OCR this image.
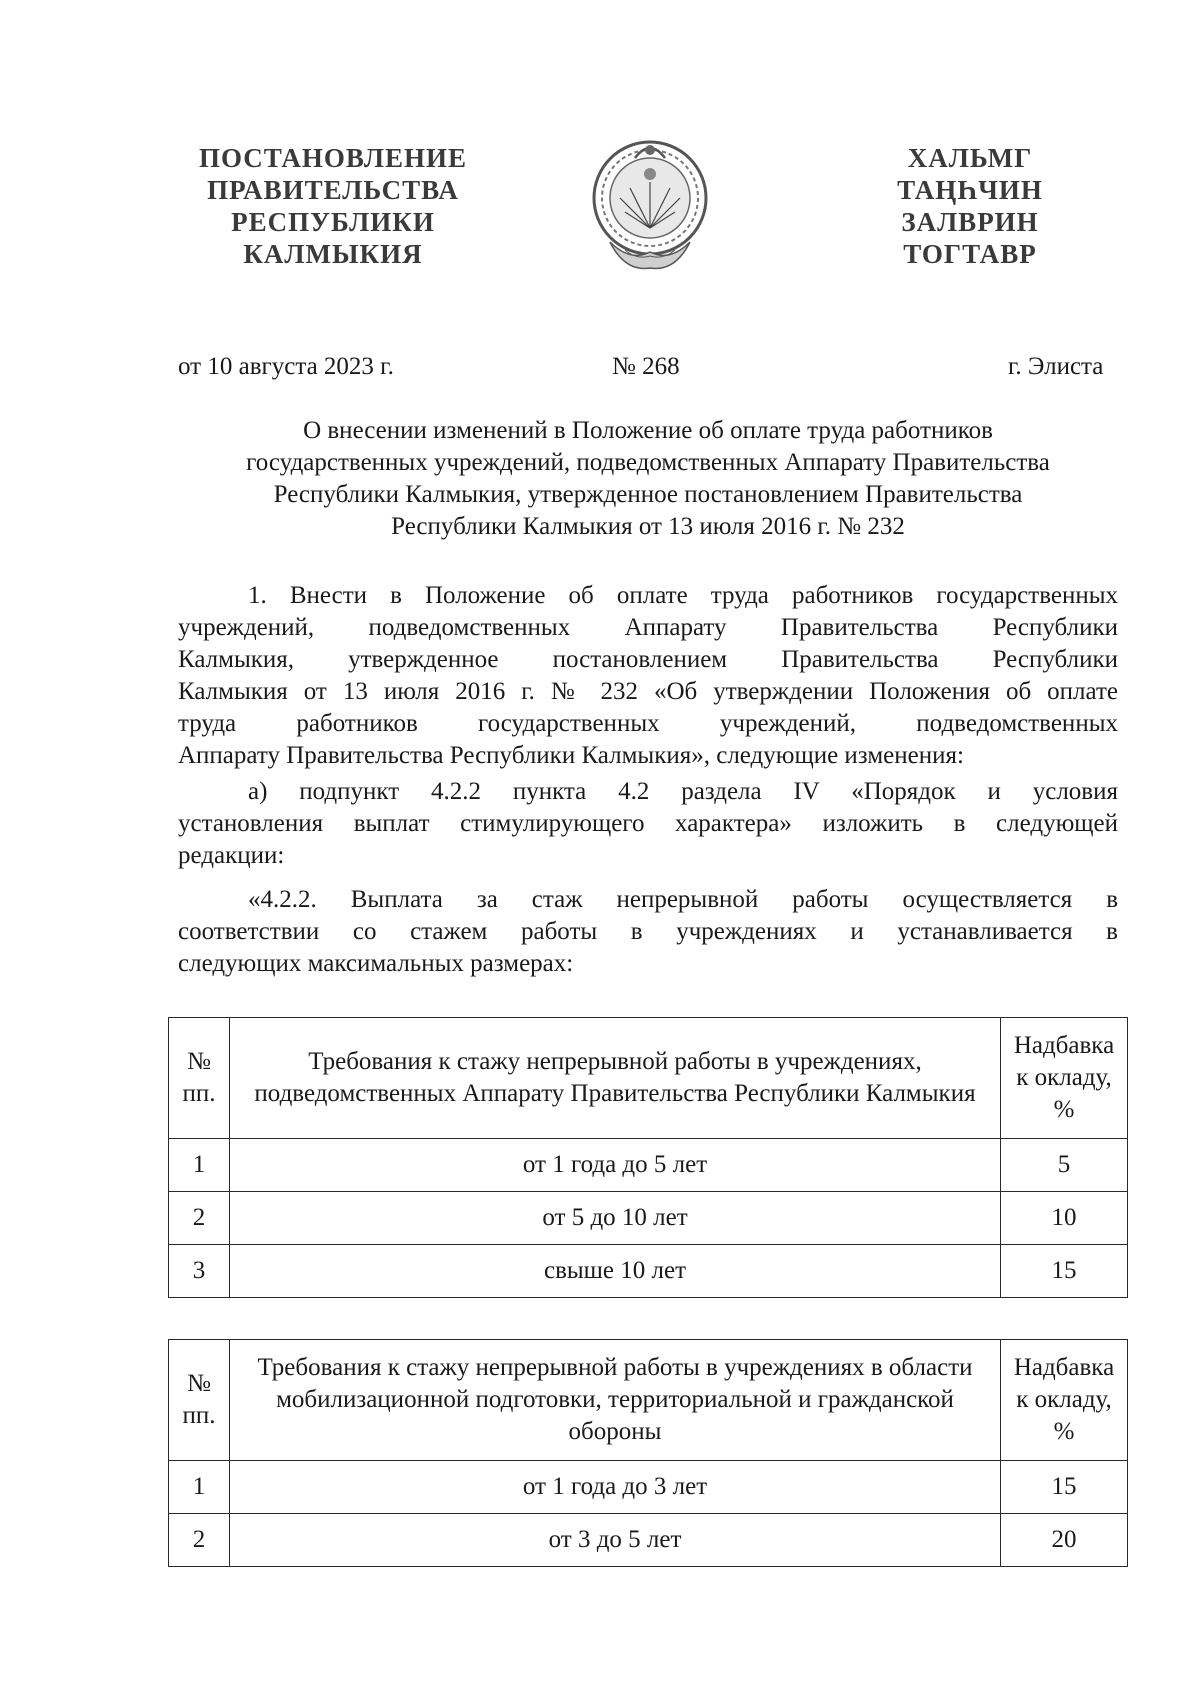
ПОСТАНОВЛЕНИЕ
ПРАВИТЕЛЬСТВА
РЕСПУБЛИКИ
КАЛМЫКИЯ
ХАЛЬМГ
ТАҢҺЧИН
ЗАЛВРИН
ТОГТАВР
от 10 августа 2023 г.	№ 268	г. Элиста
О внесении изменений в Положение об оплате труда работников
государственных учреждений, подведомственных Аппарату Правительства
Республики Калмыкия, утвержденное постановлением Правительства
Республики Калмыкия от 13 июля 2016 г. № 232
1. Внести в Положение об оплате труда работников государственных
учреждений, подведомственных Аппарату Правительства Республики
Калмыкия, утвержденное постановлением Правительства Республики
Калмыкия от 13 июля 2016 г. № 232 «Об утверждении Положения об оплате
труда работников государственных учреждений, подведомственных
Аппарату Правительства Республики Калмыкия», следующие изменения:
а) подпункт 4.2.2 пункта 4.2 раздела IV «Порядок и условия
установления выплат стимулирующего характера» изложить в следующей
редакции:
«4.2.2. Выплата за стаж непрерывной работы осуществляется в
соответствии со стажем работы в учреждениях и устанавливается в
следующих максимальных размерах:
№ пп.	Требования к стажу непрерывной работы в учреждениях, подведомственных Аппарату Правительства Республики Калмыкия	Надбавка к окладу, %
1	от 1 года до 5 лет	5
2	от 5 до 10 лет	10
3	свыше 10 лет	15
№ пп.	Требования к стажу непрерывной работы в учреждениях в области мобилизационной подготовки, территориальной и гражданской обороны	Надбавка к окладу, %
1	от 1 года до 3 лет	15
2	от 3 до 5 лет	20
